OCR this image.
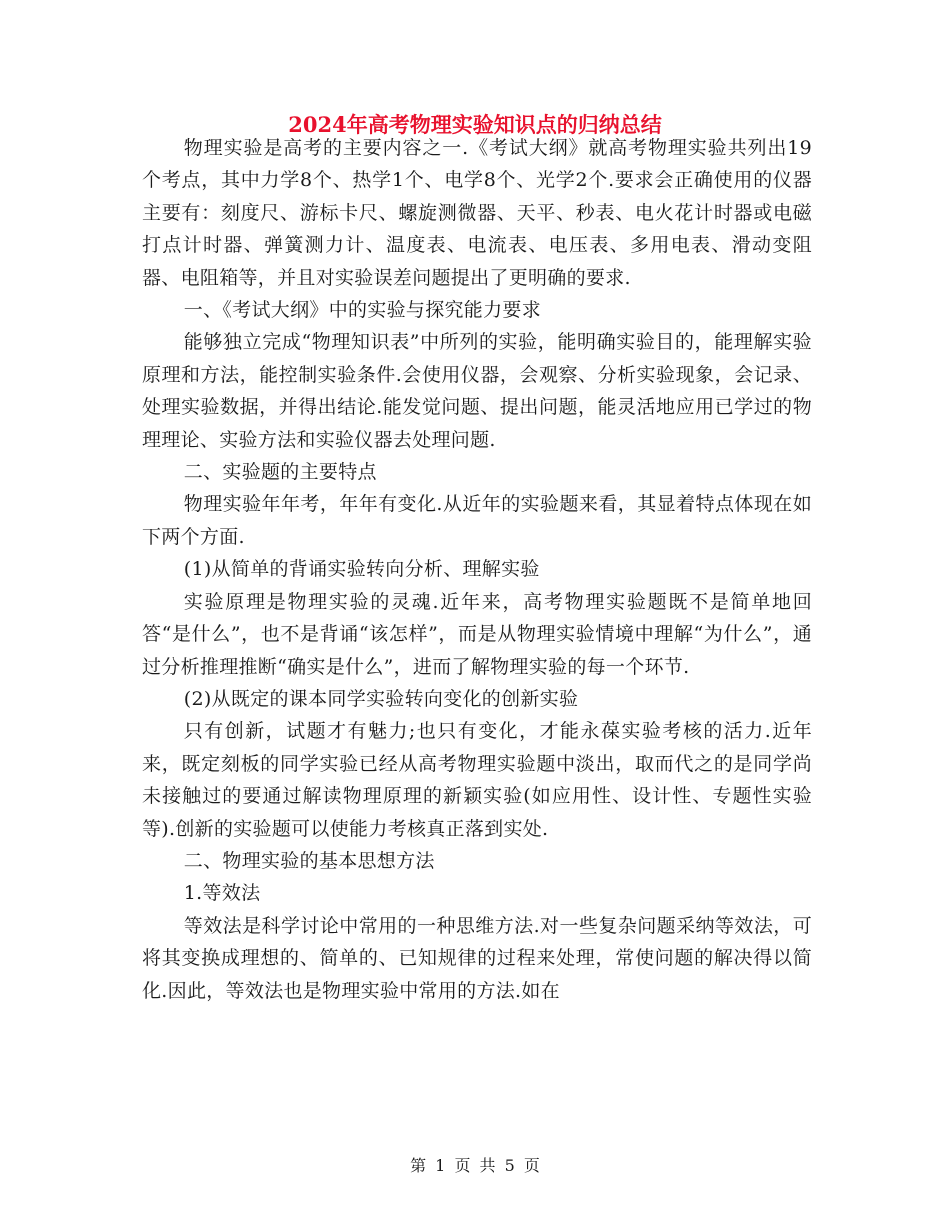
2024年高考物理实验知识点的归纳总结

物理实验是高考的主要内容之一.《考试大纲》就高考物理实验共列出19个考点，其中力学8个、热学1个、电学8个、光学2个.要求会正确使用的仪器主要有：刻度尺、游标卡尺、螺旋测微器、天平、秒表、电火花计时器或电磁打点计时器、弹簧测力计、温度表、电流表、电压表、多用电表、滑动变阻器、电阻箱等，并且对实验误差问题提出了更明确的要求.

一、《考试大纲》中的实验与探究能力要求

能够独立完成“物理知识表”中所列的实验，能明确实验目的，能理解实验原理和方法，能控制实验条件.会使用仪器，会观察、分析实验现象，会记录、处理实验数据，并得出结论.能发觉问题、提出问题，能灵活地应用已学过的物理理论、实验方法和实验仪器去处理问题.

二、实验题的主要特点

物理实验年年考，年年有变化.从近年的实验题来看，其显着特点体现在如下两个方面.

(1)从简单的背诵实验转向分析、理解实验

实验原理是物理实验的灵魂.近年来，高考物理实验题既不是简单地回答“是什么”，也不是背诵“该怎样”，而是从物理实验情境中理解“为什么”，通过分析推理推断“确实是什么”，进而了解物理实验的每一个环节.

(2)从既定的课本同学实验转向变化的创新实验

只有创新，试题才有魅力;也只有变化，才能永葆实验考核的活力.近年来，既定刻板的同学实验已经从高考物理实验题中淡出，取而代之的是同学尚未接触过的要通过解读物理原理的新颖实验(如应用性、设计性、专题性实验等).创新的实验题可以使能力考核真正落到实处.

二、物理实验的基本思想方法

1.等效法

等效法是科学讨论中常用的一种思维方法.对一些复杂问题采纳等效法，可将其变换成理想的、简单的、已知规律的过程来处理，常使问题的解决得以简化.因此，等效法也是物理实验中常用的方法.如在

第 1 页 共 5 页
